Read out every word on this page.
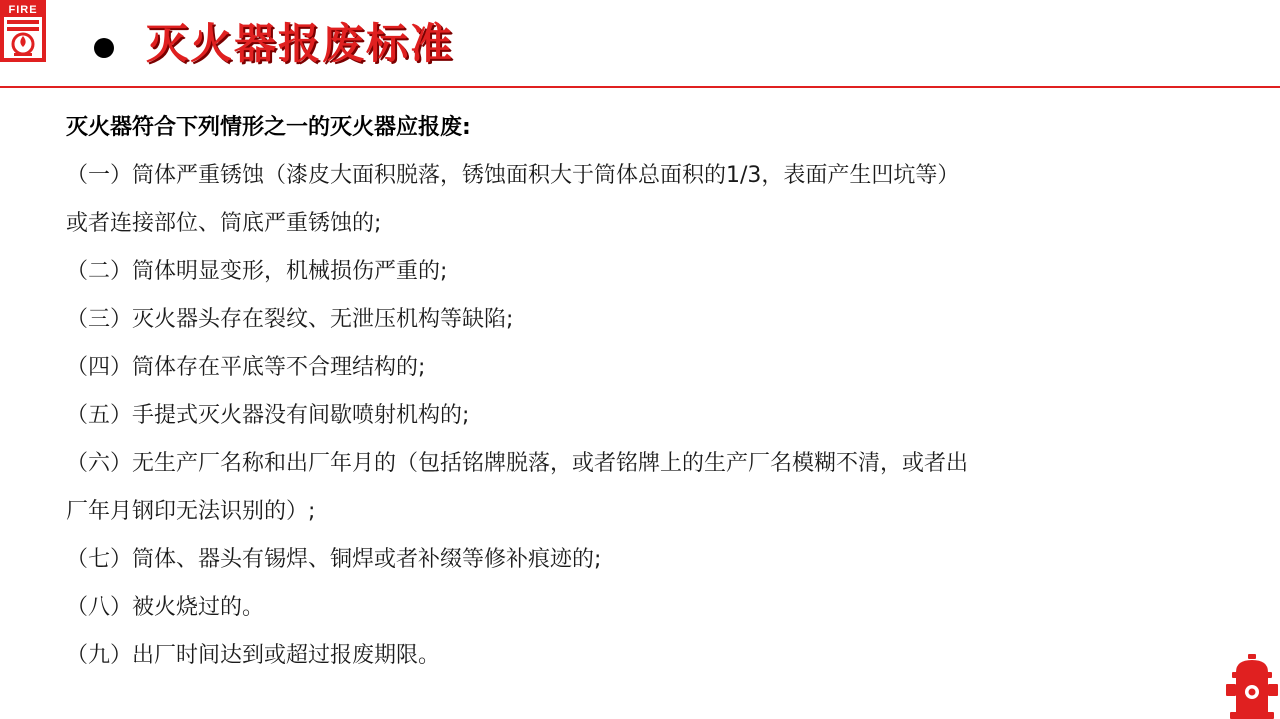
FIRE
灭火器报废标准

灭火器符合下列情形之一的灭火器应报废:

（一）筒体严重锈蚀（漆皮大面积脱落，锈蚀面积大于筒体总面积的1/3，表面产生凹坑等）

或者连接部位、筒底严重锈蚀的;

（二）筒体明显变形，机械损伤严重的;

（三）灭火器头存在裂纹、无泄压机构等缺陷;

（四）筒体存在平底等不合理结构的;

（五）手提式灭火器没有间歇喷射机构的;

（六）无生产厂名称和出厂年月的（包括铭牌脱落，或者铭牌上的生产厂名模糊不清，或者出

厂年月钢印无法识别的）;

（七）筒体、器头有锡焊、铜焊或者补缀等修补痕迹的;

（八）被火烧过的。

（九）出厂时间达到或超过报废期限。
